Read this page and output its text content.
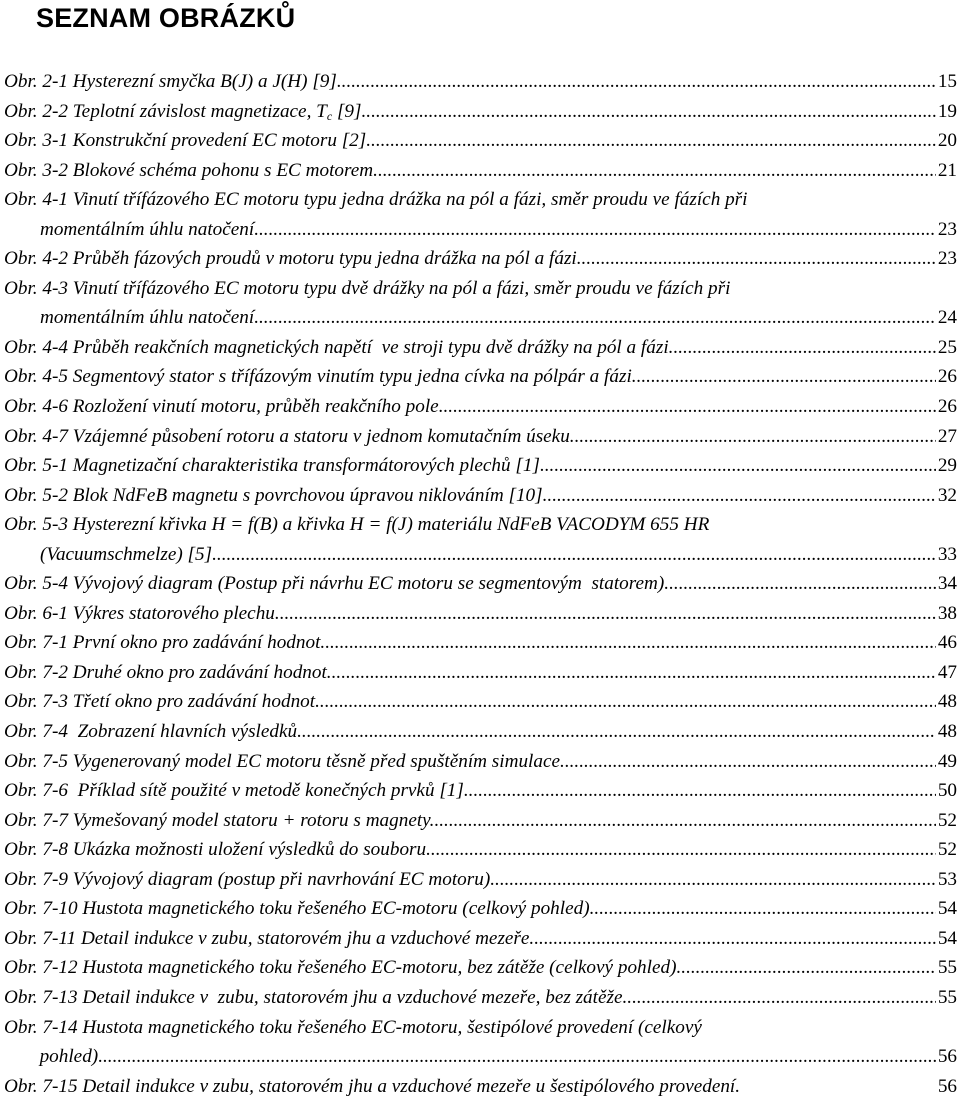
SEZNAM OBRÁZKŮ
Obr. 2-1 Hysterezní smyčka B(J) a J(H) [9]. .....	15
Obr. 2-2 Teplotní závislost magnetizace, $T_c$ [9]. .....	19
Obr. 3-1 Konstrukční provedení EC motoru [2]. .....	20
Obr. 3-2 Blokové schéma pohonu s EC motorem. .....	21
Obr. 4-1 Vinutí třífázového EC motoru typu jedna drážka na pól a fázi, směr proudu ve fázích při
momentálním úhlu natočení. .....	23
Obr. 4-2 Průběh fázových proudů v motoru typu jedna drážka na pól a fázi. .....	23
Obr. 4-3 Vinutí třífázového EC motoru typu dvě drážky na pól a fázi, směr proudu ve fázích při
momentálním úhlu natočení. .....	24
Obr. 4-4 Průběh reakčních magnetických napětí  ve stroji typu dvě drážky na pól a fázi. .....	25
Obr. 4-5 Segmentový stator s třífázovým vinutím typu jedna cívka na pólpár a fázi. .....	26
Obr. 4-6 Rozložení vinutí motoru, průběh reakčního pole. .....	26
Obr. 4-7 Vzájemné působení rotoru a statoru v jednom komutačním úseku. .....	27
Obr. 5-1 Magnetizační charakteristika transformátorových plechů [1]. .....	29
Obr. 5-2 Blok NdFeB magnetu s povrchovou úpravou niklováním [10]. .....	32
Obr. 5-3 Hysterezní křivka H = f(B) a křivka H = f(J) materiálu NdFeB VACODYM 655 HR
(Vacuumschmelze) [5]. .....	33
Obr. 5-4 Vývojový diagram (Postup při návrhu EC motoru se segmentovým  statorem). .....	34
Obr. 6-1 Výkres statorového plechu. .....	38
Obr. 7-1 První okno pro zadávání hodnot. .....	46
Obr. 7-2 Druhé okno pro zadávání hodnot. .....	47
Obr. 7-3 Třetí okno pro zadávání hodnot. .....	48
Obr. 7-4 Zobrazení hlavních výsledků. .....	48
Obr. 7-5 Vygenerovaný model EC motoru těsně před spuštěním simulace. .....	49
Obr. 7-6 Příklad sítě použité v metodě konečných prvků [1]. .....	50
Obr. 7-7 Vymešovaný model statoru + rotoru s magnety. .....	52
Obr. 7-8 Ukázka možnosti uložení výsledků do souboru. .....	52
Obr. 7-9 Vývojový diagram (postup při navrhování EC motoru). .....	53
Obr. 7-10 Hustota magnetického toku řešeného EC-motoru (celkový pohled). .....	54
Obr. 7-11 Detail indukce v zubu, statorovém jhu a vzduchové mezeře. .....	54
Obr. 7-12 Hustota magnetického toku řešeného EC-motoru, bez zátěže (celkový pohled). .....	55
Obr. 7-13 Detail indukce v  zubu, statorovém jhu a vzduchové mezeře, bez zátěže. .....	55
Obr. 7-14 Hustota magnetického toku řešeného EC-motoru, šestipólové provedení (celkový
pohled) .....	56
Obr. 7-15 Detail indukce v zubu, statorovém jhu a vzduchové mezeře u šestipólového provedení.	56
